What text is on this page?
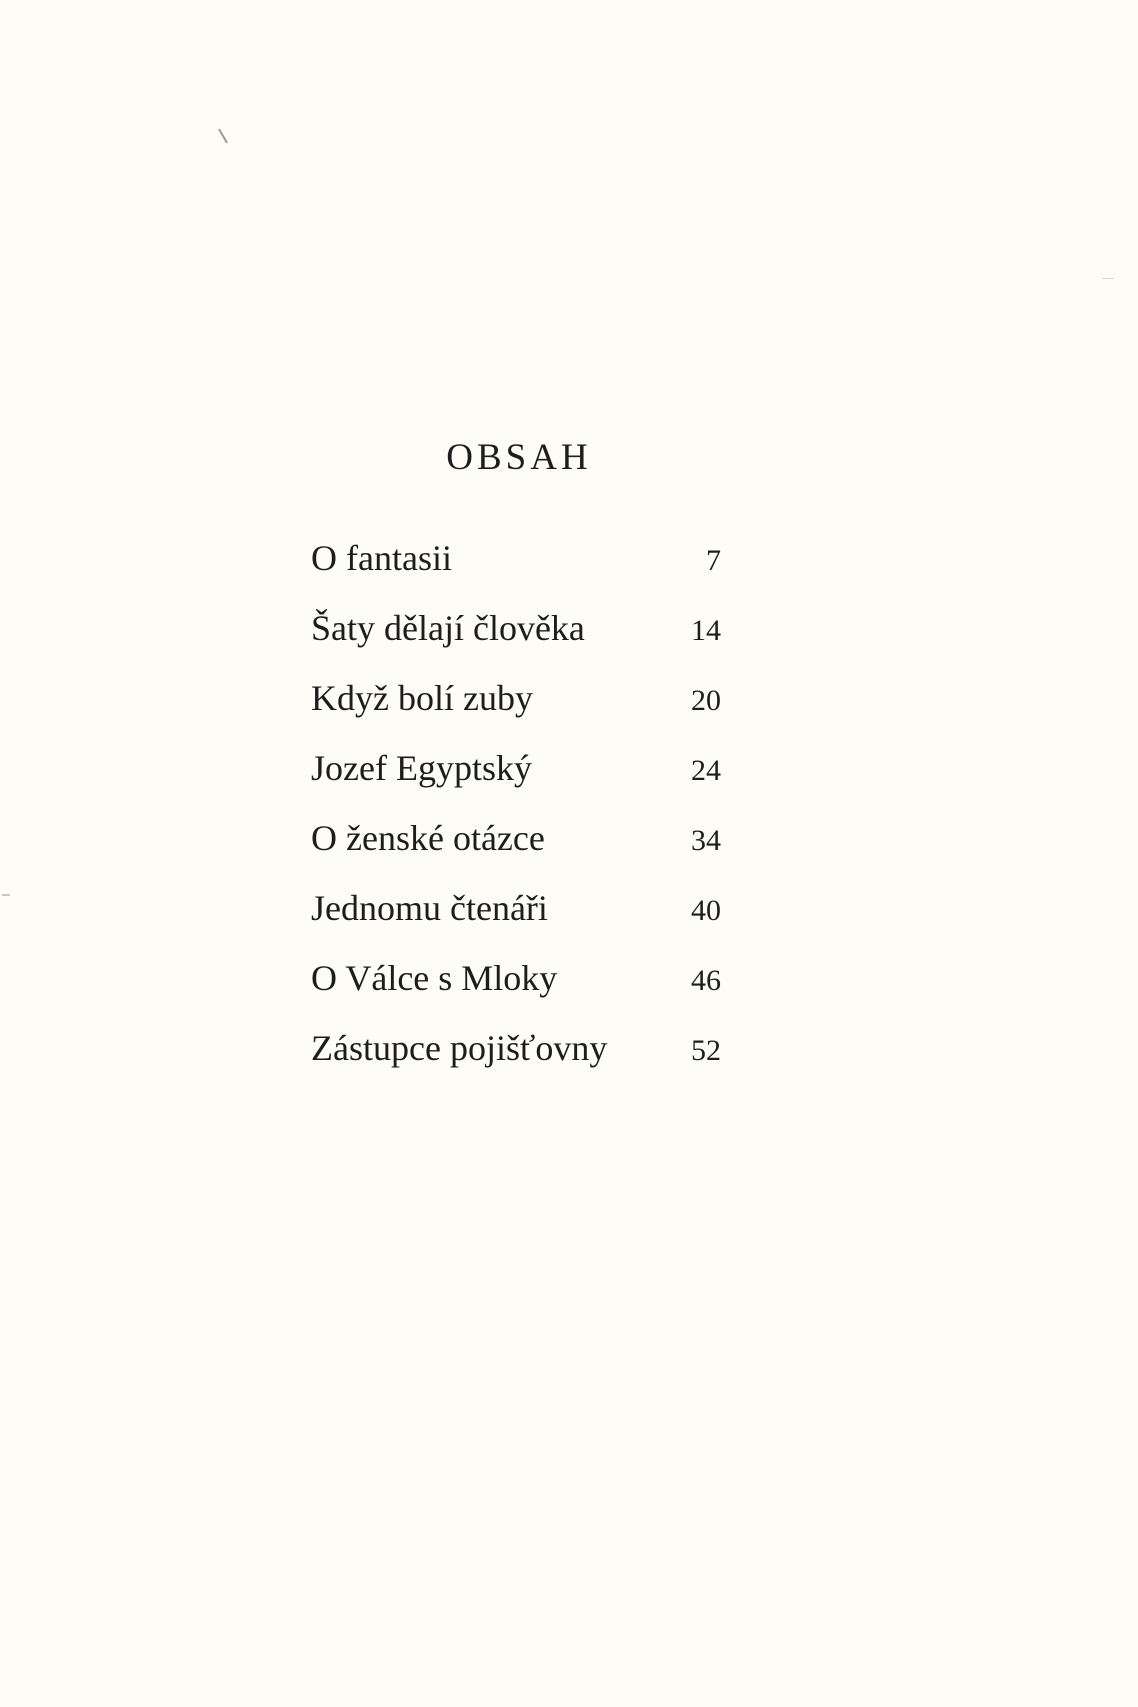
OBSAH
O fantasii	7
Šaty dělají člověka	14
Když bolí zuby	20
Jozef Egyptský	24
O ženské otázce	34
Jednomu čtenáři	40
O Válce s Mloky	46
Zástupce pojišťovny	52
